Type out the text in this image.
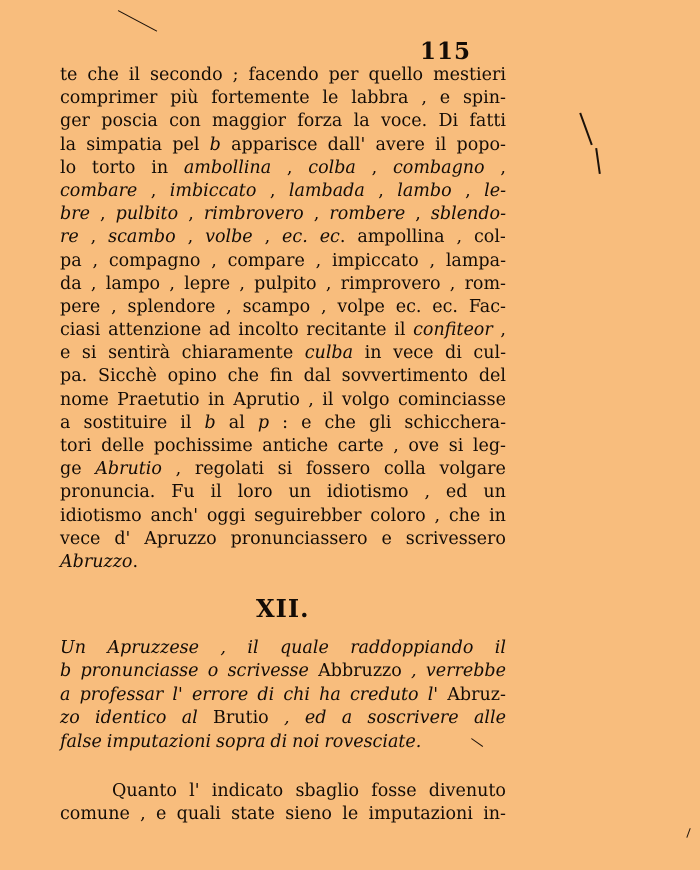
115
te che il secondo ; facendo per quello mestieri
comprimer più fortemente le labbra , e spin-
ger poscia con maggior forza la voce. Di fatti
la simpatia pel b apparisce dall' avere il popo-
lo torto in ambollina , colba , combagno ,
combare , imbiccato , lambada , lambo , le-
bre , pulbito , rimbrovero , rombere , sblendo-
re , scambo , volbe , ec. ec. ampollina , col-
pa , compagno , compare , impiccato , lampa-
da , lampo , lepre , pulpito , rimprovero , rom-
pere , splendore , scampo , volpe ec. ec. Fac-
ciasi attenzione ad incolto recitante il confiteor ,
e si sentirà chiaramente culba in vece di cul-
pa. Sicchè opino che fin dal sovvertimento del
nome Praetutio in Aprutio , il volgo cominciasse
a sostituire il b al p : e che gli schicchera-
tori delle pochissime antiche carte , ove si leg-
ge Abrutio , regolati si fossero colla volgare
pronuncia. Fu il loro un idiotismo , ed un
idiotismo anch' oggi seguirebber coloro , che in
vece d' Apruzzo pronunciassero e scrivessero
Abruzzo.
XII.
Un Apruzzese , il quale raddoppiando il
b pronunciasse o scrivesse Abbruzzo , verrebbe
a professar l' errore di chi ha creduto l' Abruz-
zo identico al Brutio , ed a soscrivere alle
false imputazioni sopra di noi rovesciate.
Quanto l' indicato sbaglio fosse divenuto
comune , e quali state sieno le imputazioni in-
